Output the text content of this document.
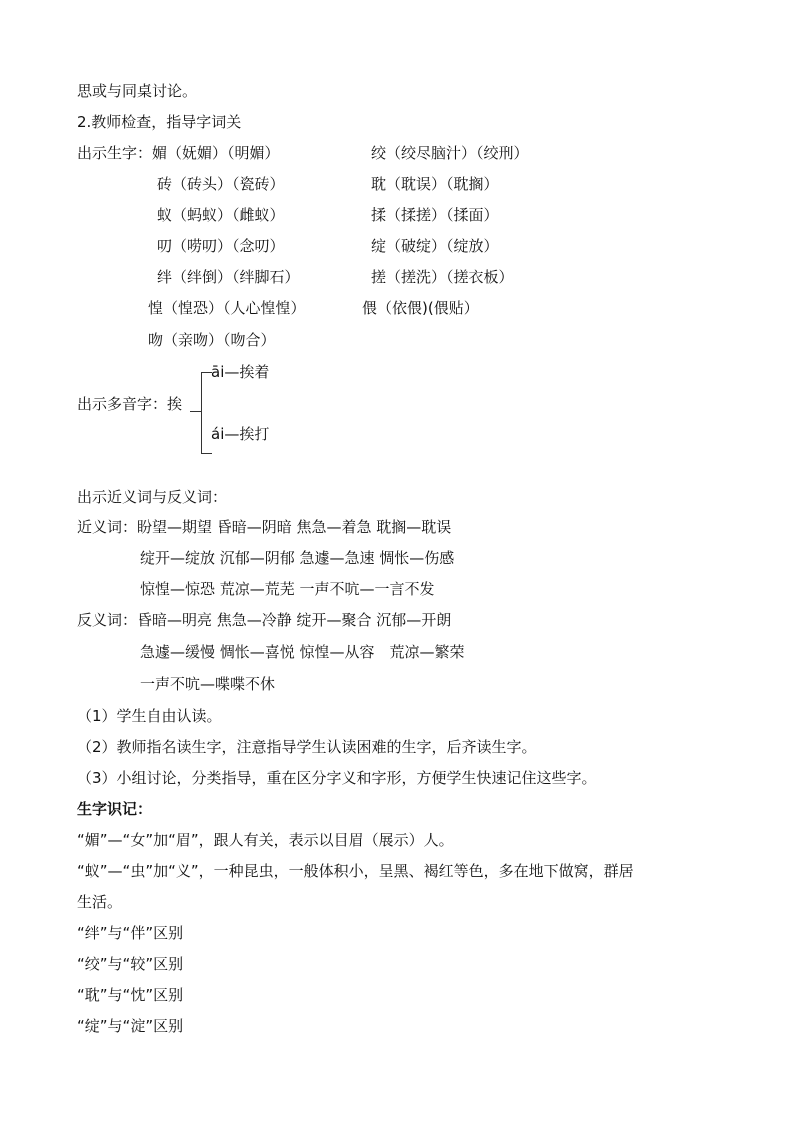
思或与同桌讨论。
2.教师检查，指导字词关
出示生字：媚（妩媚）（明媚）	绞（绞尽脑汁）（绞刑）
砖（砖头）（瓷砖）	耽（耽误）（耽搁）
蚁（蚂蚁）（雌蚁）	揉（揉搓）（揉面）
叨（唠叨）（念叨）	绽（破绽）（绽放）
绊（绊倒）（绊脚石）	搓（搓洗）（搓衣板）
惶（惶恐）（人心惶惶）	偎（依偎)(偎贴）
吻（亲吻）（吻合）
āi—挨着
出示多音字：挨
ái—挨打
出示近义词与反义词：
近义词：盼望—期望 昏暗—阴暗 焦急—着急 耽搁—耽误
绽开—绽放 沉郁—阴郁 急遽—急速 惆怅—伤感
惊惶—惊恐 荒凉—荒芜 一声不吭—一言不发
反义词：昏暗—明亮 焦急—冷静 绽开—聚合 沉郁—开朗
急遽—缓慢 惆怅—喜悦 惊惶—从容　荒凉—繁荣
一声不吭—喋喋不休
（1）学生自由认读。
（2）教师指名读生字，注意指导学生认读困难的生字，后齐读生字。
（3）小组讨论，分类指导，重在区分字义和字形，方便学生快速记住这些字。
生字识记：
“媚”—“女”加“眉”，跟人有关，表示以目眉（展示）人。
“蚁”—“虫”加“义”，一种昆虫，一般体积小，呈黑、褐红等色，多在地下做窝，群居
生活。
“绊”与“伴”区别
“绞”与“较”区别
“耽”与“忱”区别
“绽”与“淀”区别
